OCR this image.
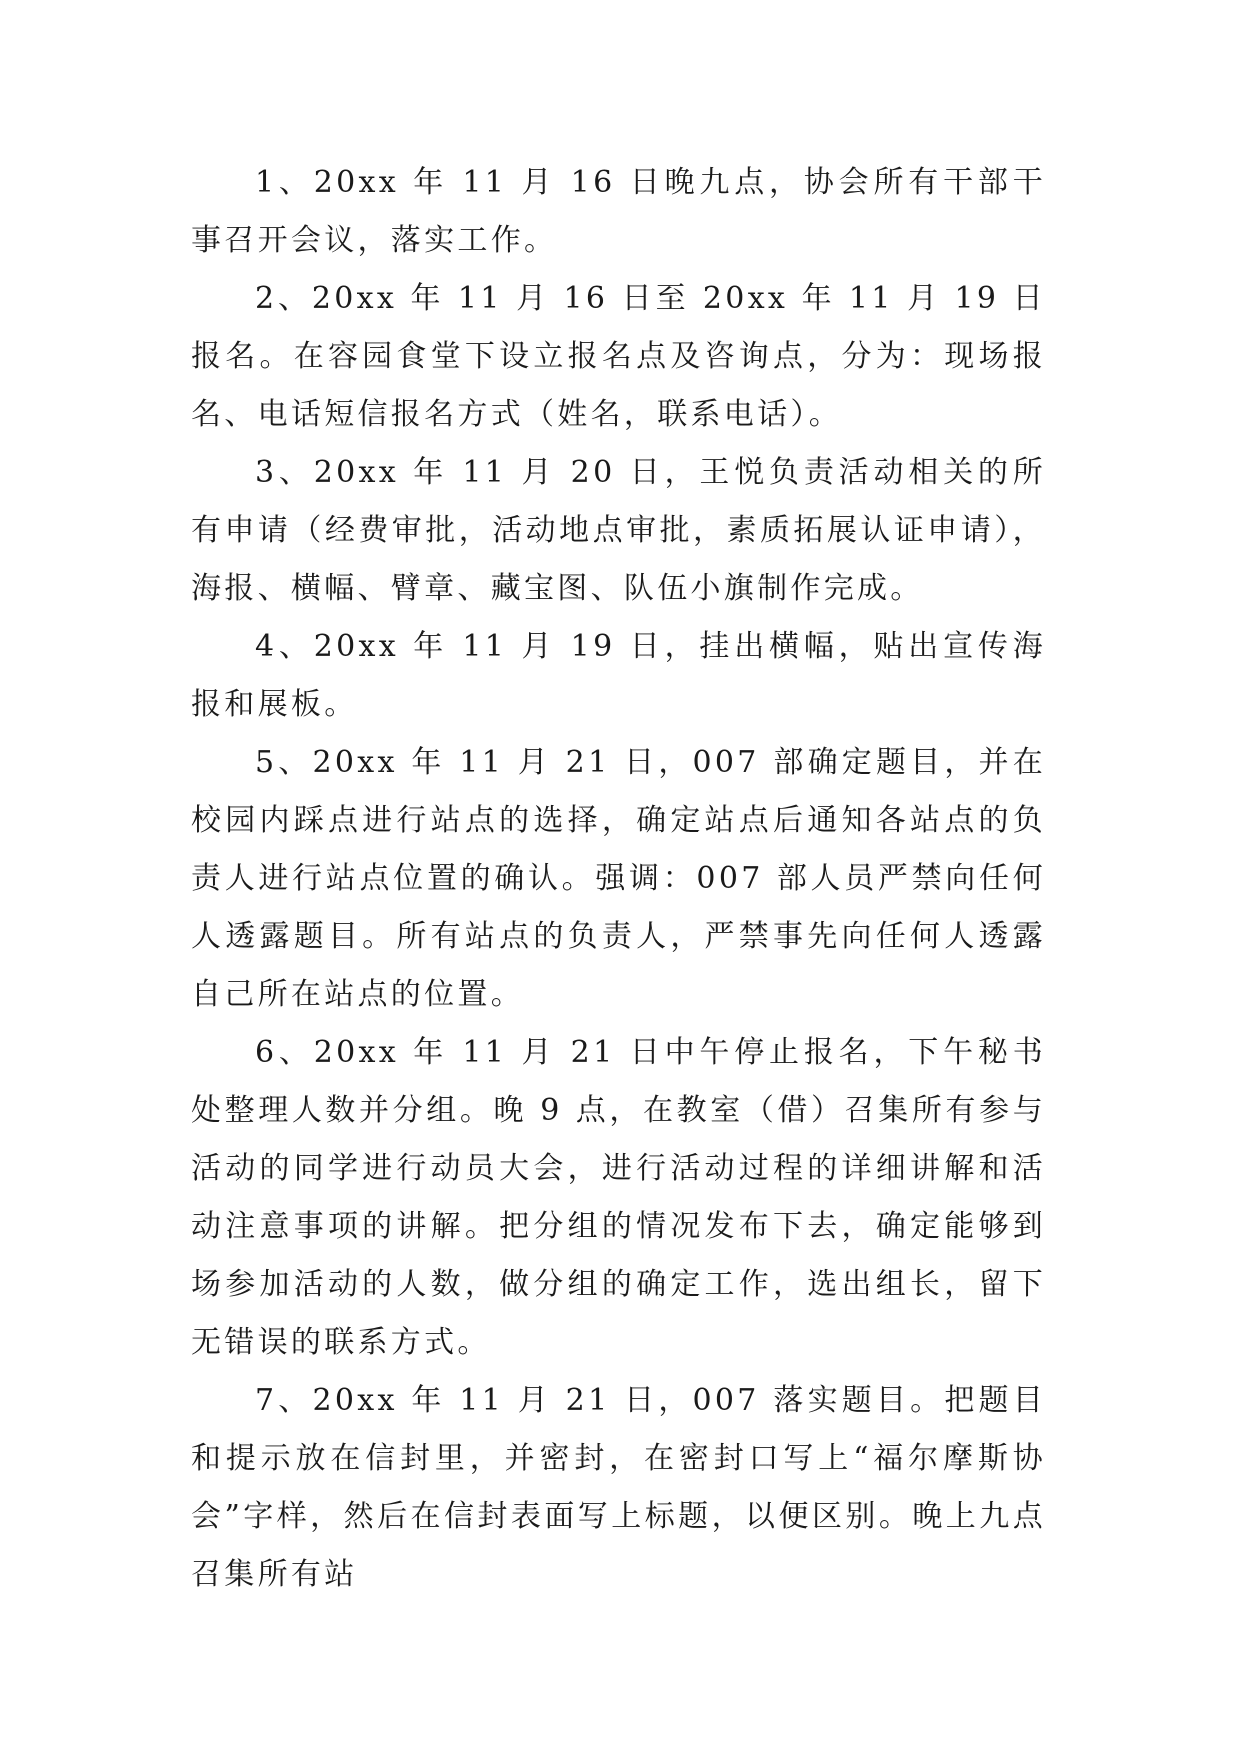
1、20xx 年 11 月 16 日晚九点，协会所有干部干事召开会议，落实工作。

2、20xx 年 11 月 16 日至 20xx 年 11 月 19 日报名。在容园食堂下设立报名点及咨询点，分为：现场报名、电话短信报名方式（姓名，联系电话）。

3、20xx 年 11 月 20 日，王悦负责活动相关的所有申请（经费审批，活动地点审批，素质拓展认证申请），海报、横幅、臂章、藏宝图、队伍小旗制作完成。

4、20xx 年 11 月 19 日，挂出横幅，贴出宣传海报和展板。

5、20xx 年 11 月 21 日，007 部确定题目，并在校园内踩点进行站点的选择，确定站点后通知各站点的负责人进行站点位置的确认。强调：007 部人员严禁向任何人透露题目。所有站点的负责人，严禁事先向任何人透露自己所在站点的位置。

6、20xx 年 11 月 21 日中午停止报名，下午秘书处整理人数并分组。晚 9 点，在教室（借）召集所有参与活动的同学进行动员大会，进行活动过程的详细讲解和活动注意事项的讲解。把分组的情况发布下去，确定能够到场参加活动的人数，做分组的确定工作，选出组长，留下无错误的联系方式。

7、20xx 年 11 月 21 日，007 落实题目。把题目和提示放在信封里，并密封，在密封口写上“福尔摩斯协会”字样，然后在信封表面写上标题，以便区别。晚上九点召集所有站
